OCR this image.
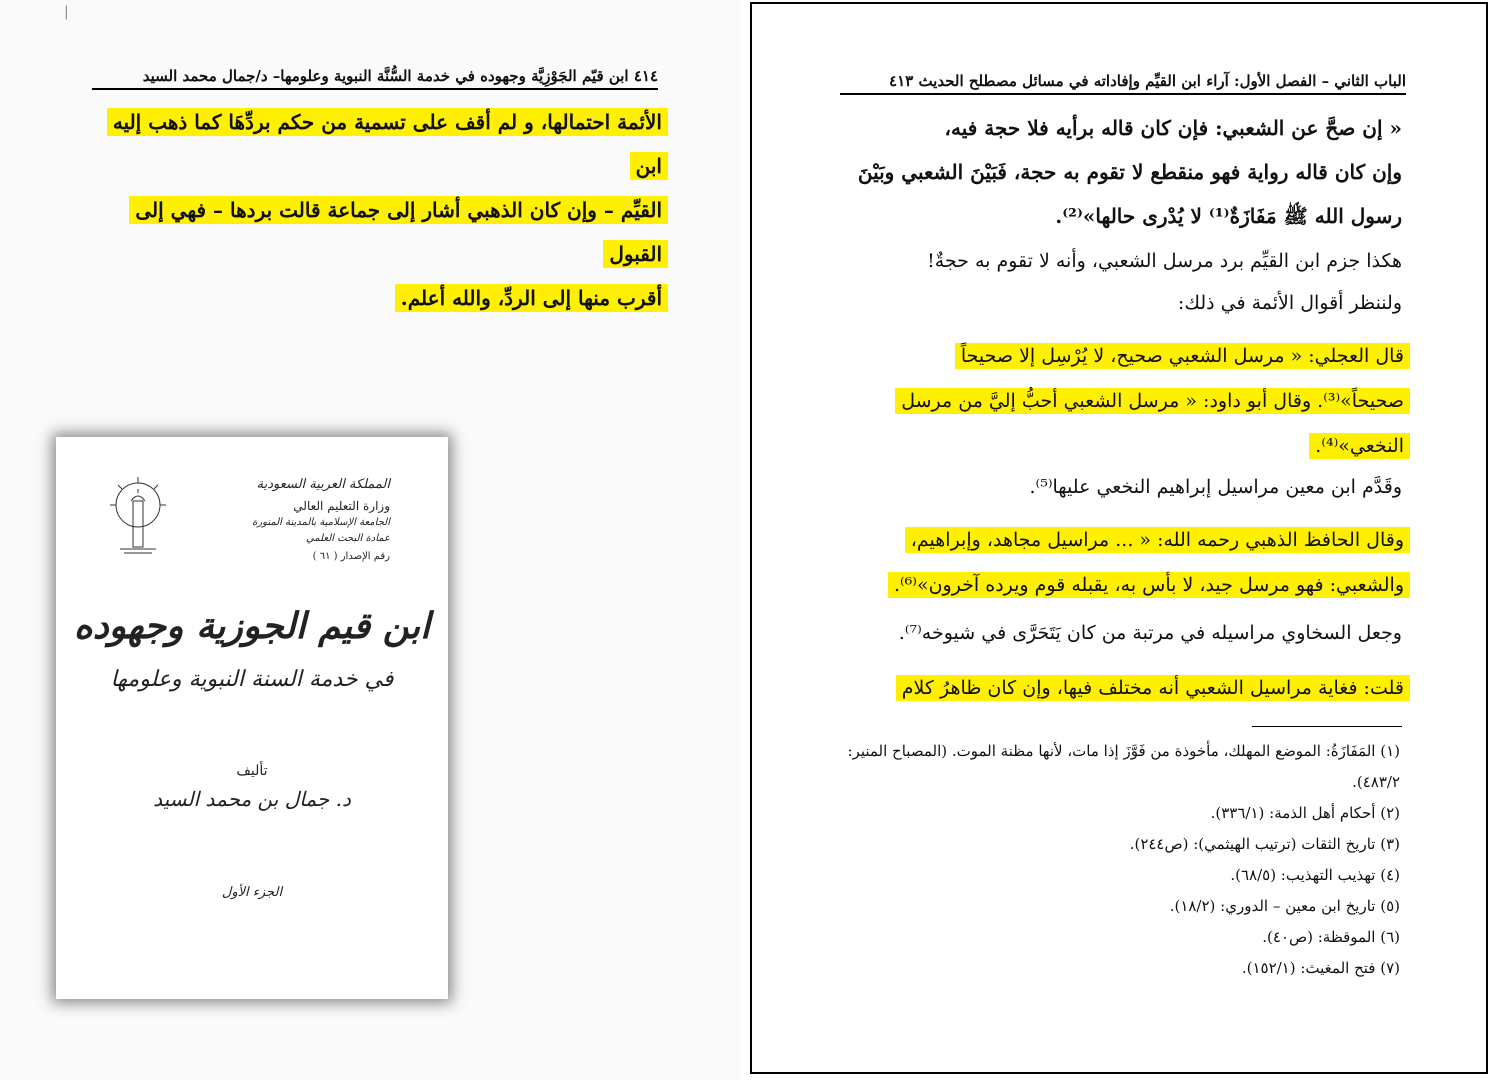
|
٤١٤ ابن قيّم الجَوْزِيَّة وجهوده في خدمة السُّنَّة النبوية وعلومها– د/جمال محمد السيد
الأئمة احتمالها، و لم أقف على تسمية من حكم بردِّهَا كما ذهب إليه ابن
القيِّم – وإن كان الذهبي أشار إلى جماعة قالت بردها – فهي إلى القبول
أقرب منها إلى الردِّ، والله أعلم.
المملكة العربية السعودية
وزارة التعليم العالي
الجامعة الإسلامية بالمدينة المنورة
عمادة البحث العلمي
رقم الإصدار ( ٦١ )
ابن قيم الجوزية وجهوده
في خدمة السنة النبوية وعلومها
تأليف
د. جمال بن محمد السيد
الجزء الأول
الباب الثاني – الفصل الأول: آراء ابن القيِّم وإفاداته في مسائل مصطلح الحديث ٤١٣
« إن صحَّ عن الشعبي: فإن كان قاله برأيه فلا حجة فيه،
وإن كان قاله رواية فهو منقطع لا تقوم به حجة، فَبَيْنَ الشعبي وبَيْنَ
رسول الله ﷺ مَفَازَةٌ⁽¹⁾ لا يُدْرى حالها»⁽²⁾.
هكذا جزم ابن القيِّم برد مرسل الشعبي، وأنه لا تقوم به حجةٌ!
ولننظر أقوال الأئمة في ذلك:
قال العجلي: « مرسل الشعبي صحيح، لا يُرْسِل إلا صحيحاً
صحيحاً»⁽³⁾. وقال أبو داود: « مرسل الشعبي أحبُّ إليَّ من مرسل
النخعي»⁽⁴⁾.
وقَدَّم ابن معين مراسيل إبراهيم النخعي عليها⁽⁵⁾.
وقال الحافظ الذهبي رحمه الله: « ... مراسيل مجاهد، وإبراهيم،
والشعبي: فهو مرسل جيد، لا بأس به، يقبله قوم ويرده آخرون»⁽⁶⁾.
وجعل السخاوي مراسيله في مرتبة من كان يَتَحَرَّى في شيوخه⁽⁷⁾.
قلت: فغاية مراسيل الشعبي أنه مختلف فيها، وإن كان ظاهرُ كلام
(١) المَفَازَةُ: الموضع المهلك، مأخوذة من فَوَّزَ إذا مات، لأنها مظنة الموت. (المصباح المنير: ٤٨٣/٢).
(٢) أحكام أهل الذمة: (٣٣٦/١).
(٣) تاريخ الثقات (ترتيب الهيثمي): (ص٢٤٤).
(٤) تهذيب التهذيب: (٦٨/٥).
(٥) تاريخ ابن معين – الدوري: (١٨/٢).
(٦) الموقظة: (ص٤٠).
(٧) فتح المغيث: (١٥٢/١).
